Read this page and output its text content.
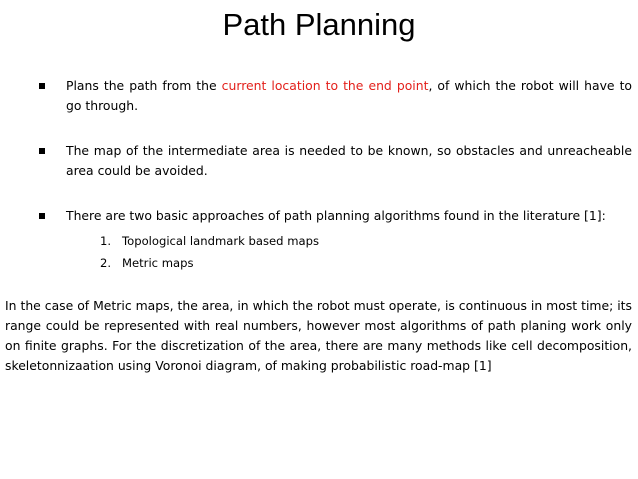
Path Planning
Plans the path from the current location to the end point, of which the robot will have to go through.
The map of the intermediate area is needed to be known, so obstacles and unreacheable area could be avoided.
There are two basic approaches of path planning algorithms found in the literature [1]:
1. Topological landmark based maps
2. Metric maps
In the case of Metric maps, the area, in which the robot must operate, is continuous in most time; its range could be represented with real numbers, however most algorithms of path planing work only on finite graphs. For the discretization of the area, there are many methods like cell decomposition, skeletonnizaation using Voronoi diagram, of making probabilistic road-map [1]
